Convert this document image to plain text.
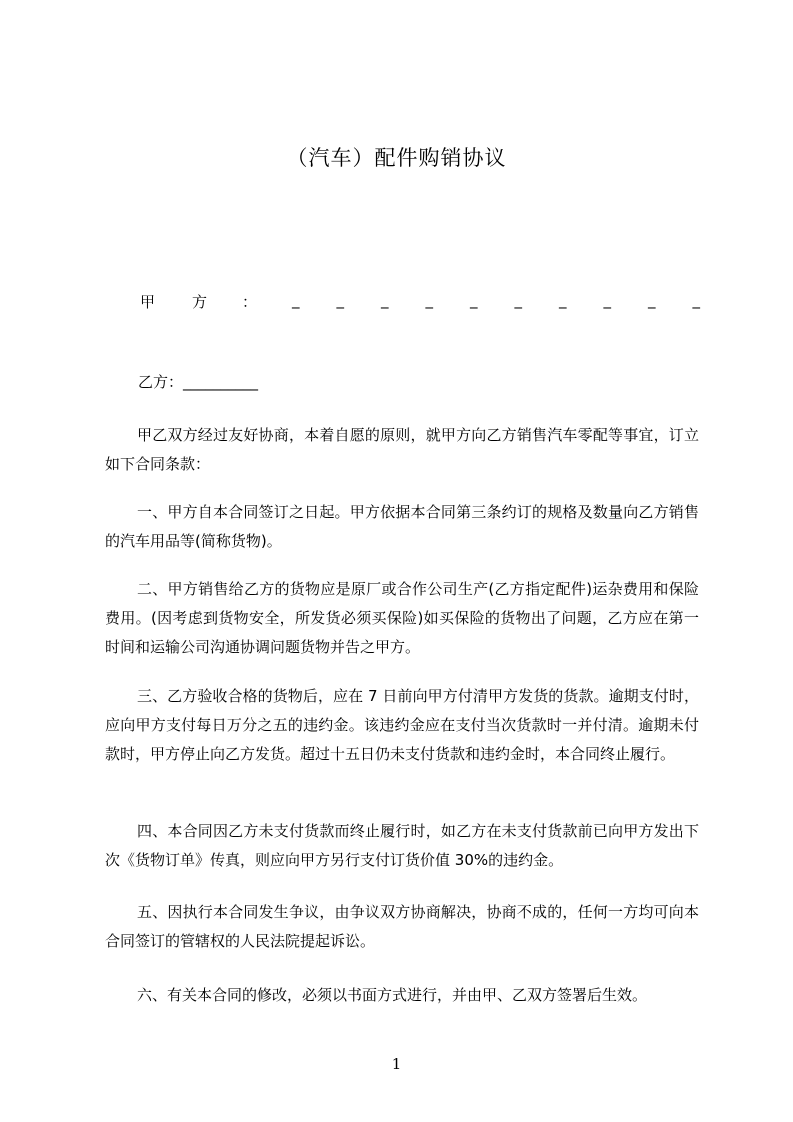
（汽车）配件购销协议
甲 方 ： _ _ _ _ _ _ _ _ _ _
乙方：__________

甲乙双方经过友好协商，本着自愿的原则，就甲方向乙方销售汽车零配等事宜，订立如下合同条款：

一、甲方自本合同签订之日起。甲方依据本合同第三条约订的规格及数量向乙方销售的汽车用品等(简称货物)。

二、甲方销售给乙方的货物应是原厂或合作公司生产(乙方指定配件)运杂费用和保险费用。(因考虑到货物安全，所发货必须买保险)如买保险的货物出了问题，乙方应在第一时间和运输公司沟通协调问题货物并告之甲方。

三、乙方验收合格的货物后，应在 7 日前向甲方付清甲方发货的货款。逾期支付时，应向甲方支付每日万分之五的违约金。该违约金应在支付当次货款时一并付清。逾期未付款时，甲方停止向乙方发货。超过十五日仍未支付货款和违约金时，本合同终止履行。

四、本合同因乙方未支付货款而终止履行时，如乙方在未支付货款前已向甲方发出下次《货物订单》传真，则应向甲方另行支付订货价值 30%的违约金。

五、因执行本合同发生争议，由争议双方协商解决，协商不成的，任何一方均可向本合同签订的管辖权的人民法院提起诉讼。

六、有关本合同的修改，必须以书面方式进行，并由甲、乙双方签署后生效。

1
